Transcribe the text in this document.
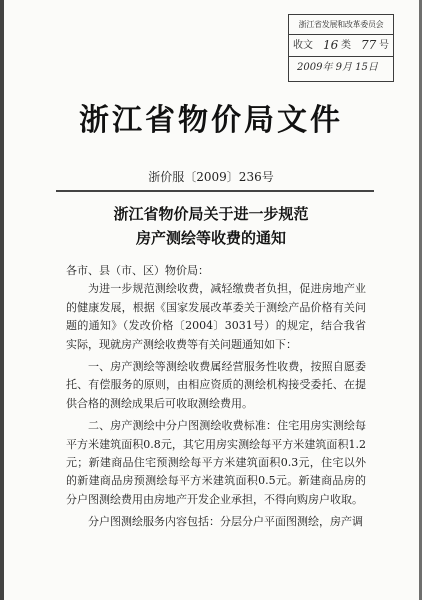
浙江省发展和改革委员会
收文 16 类 77 号
2009年 9月 15日
浙江省物价局文件
浙价服〔2009〕236号
浙江省物价局关于进一步规范
房产测绘等收费的通知

各市、县（市、区）物价局：

为进一步规范测绘收费，减轻缴费者负担，促进房地产业的健康发展，根据《国家发展改革委关于测绘产品价格有关问题的通知》（发改价格〔2004〕3031号）的规定，结合我省实际，现就房产测绘收费等有关问题通知如下：

一、房产测绘等测绘收费属经营服务性收费，按照自愿委托、有偿服务的原则，由相应资质的测绘机构接受委托、在提供合格的测绘成果后可收取测绘费用。

二、房产测绘中分户图测绘收费标准：住宅用房实测绘每平方米建筑面积0.8元，其它用房实测绘每平方米建筑面积1.2元；新建商品住宅预测绘每平方米建筑面积0.3元，住宅以外的新建商品房预测绘每平方米建筑面积0.5元。新建商品房的分户图测绘费用由房地产开发企业承担，不得向购房户收取。

分户图测绘服务内容包括：分层分户平面图测绘，房产调
